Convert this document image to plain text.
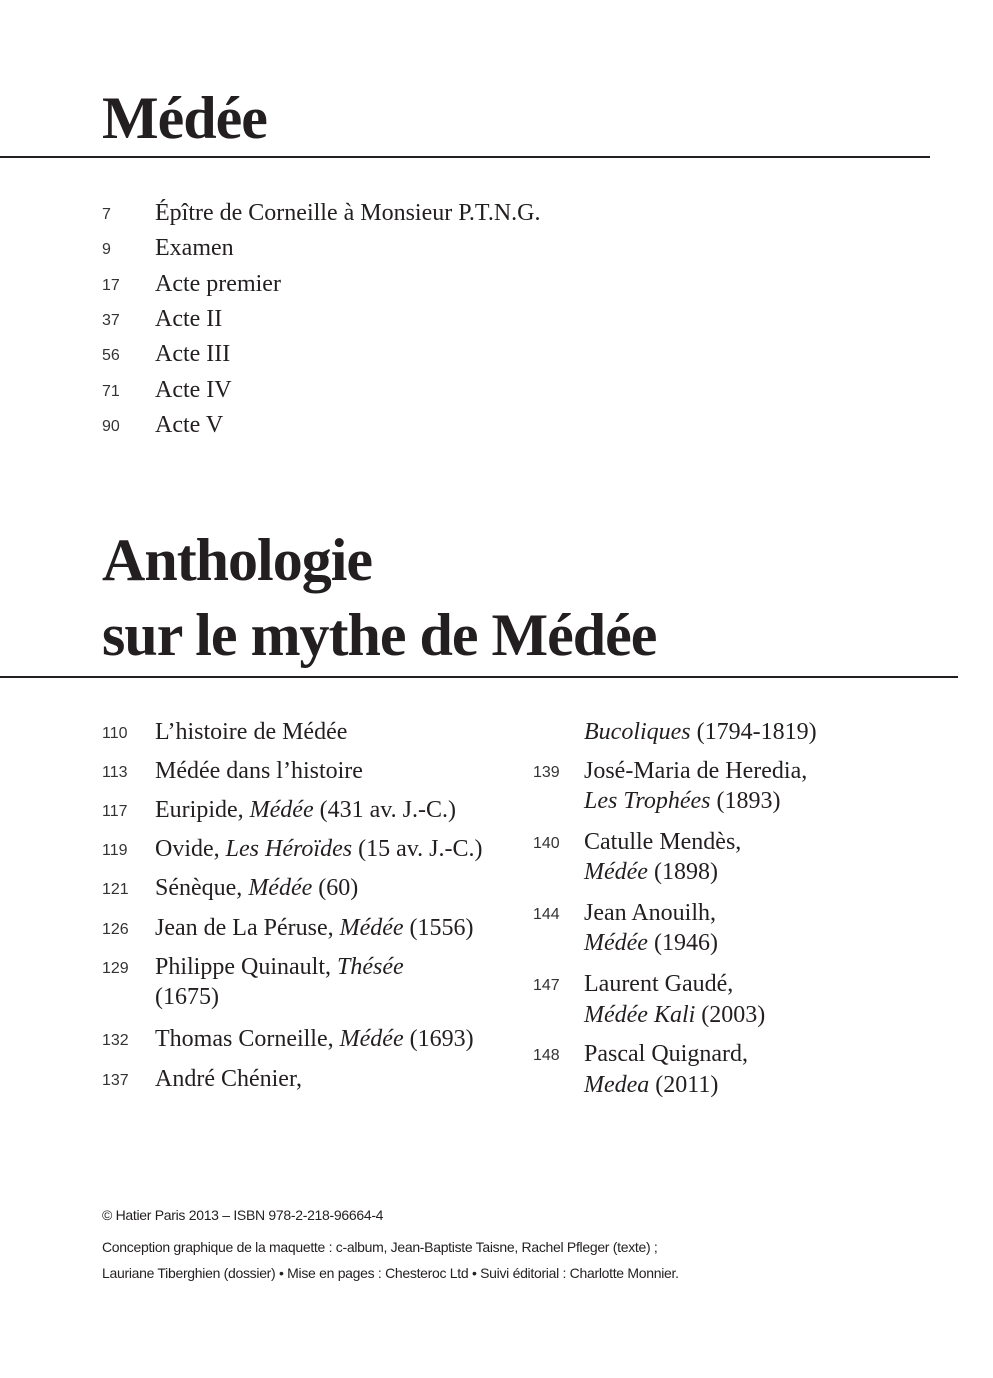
Médée
Anthologie
sur le mythe de Médée
7 Épître de Corneille à Monsieur P.T.N.G.
9 Examen
17 Acte premier
37 Acte II
56 Acte III
71 Acte IV
90 Acte V
110 L’histoire de Médée
113 Médée dans l’histoire
117 Euripide, Médée (431 av. J.-C.)
119 Ovide, Les Héroïdes (15 av. J.-C.)
121 Sénèque, Médée (60)
126 Jean de La Péruse, Médée (1556)
129 Philippe Quinault, Thésée
(1675)
132 Thomas Corneille, Médée (1693)
137 André Chénier,
Bucoliques (1794-1819)
139 José-Maria de Heredia,
Les Trophées (1893)
140 Catulle Mendès,
Médée (1898)
144 Jean Anouilh,
Médée (1946)
147 Laurent Gaudé,
Médée Kali (2003)
148 Pascal Quignard,
Medea (2011)
© Hatier Paris 2013 – ISBN 978-2-218-96664-4
Conception graphique de la maquette : c-album, Jean-Baptiste Taisne, Rachel Pfleger (texte) ;
Lauriane Tiberghien (dossier) • Mise en pages : Chesteroc Ltd • Suivi éditorial : Charlotte Monnier.
